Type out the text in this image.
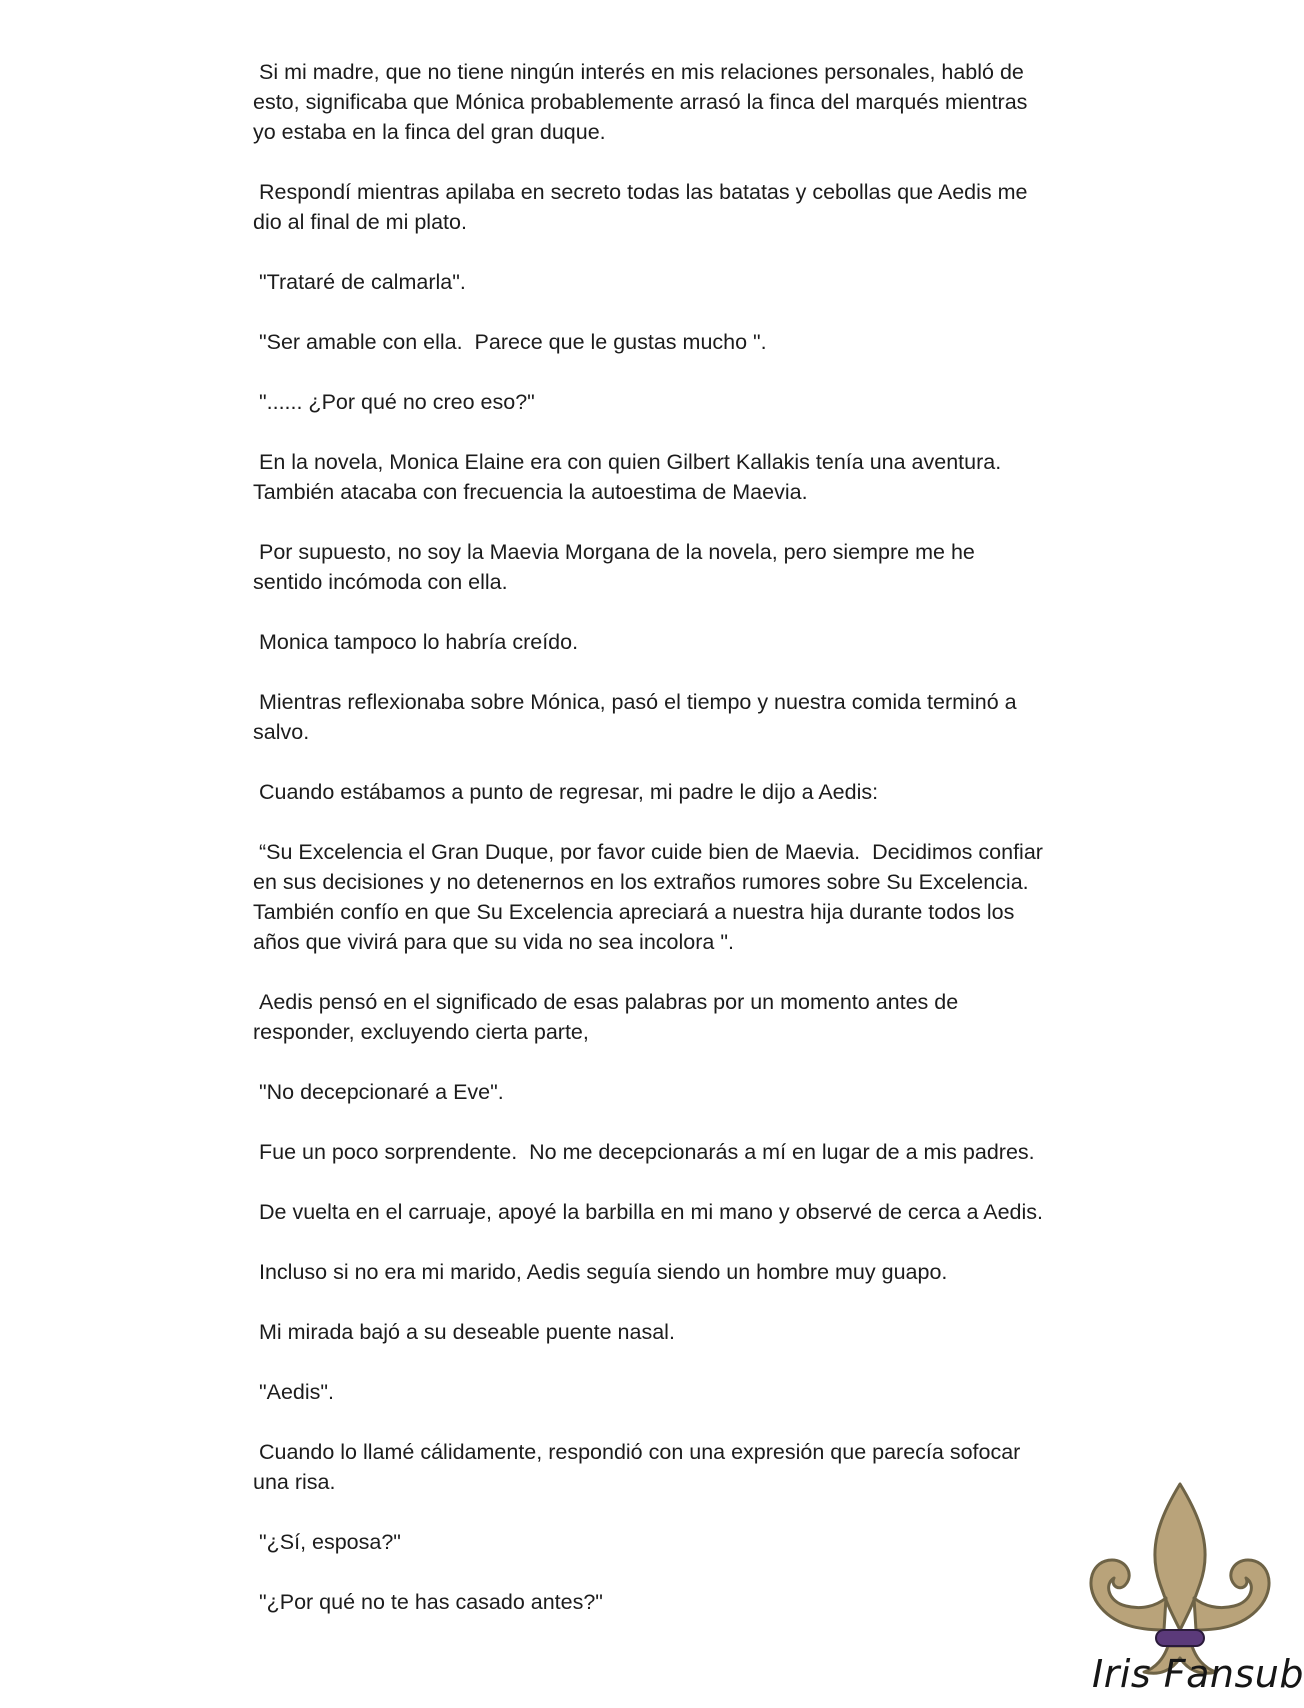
Si mi madre, que no tiene ningún interés en mis relaciones personales, habló de esto, significaba que Mónica probablemente arrasó la finca del marqués mientras yo estaba en la finca del gran duque.

Respondí mientras apilaba en secreto todas las batatas y cebollas que Aedis me dio al final de mi plato.

"Trataré de calmarla".

"Ser amable con ella.  Parece que le gustas mucho ".

"...... ¿Por qué no creo eso?"

En la novela, Monica Elaine era con quien Gilbert Kallakis tenía una aventura.  También atacaba con frecuencia la autoestima de Maevia.

Por supuesto, no soy la Maevia Morgana de la novela, pero siempre me he sentido incómoda con ella.

Monica tampoco lo habría creído.

Mientras reflexionaba sobre Mónica, pasó el tiempo y nuestra comida terminó a salvo.

Cuando estábamos a punto de regresar, mi padre le dijo a Aedis:

“Su Excelencia el Gran Duque, por favor cuide bien de Maevia.  Decidimos confiar en sus decisiones y no detenernos en los extraños rumores sobre Su Excelencia.  También confío en que Su Excelencia apreciará a nuestra hija durante todos los años que vivirá para que su vida no sea incolora ".

Aedis pensó en el significado de esas palabras por un momento antes de responder, excluyendo cierta parte,

"No decepcionaré a Eve".

Fue un poco sorprendente.  No me decepcionarás a mí en lugar de a mis padres.

De vuelta en el carruaje, apoyé la barbilla en mi mano y observé de cerca a Aedis.

Incluso si no era mi marido, Aedis seguía siendo un hombre muy guapo.

Mi mirada bajó a su deseable puente nasal.

"Aedis".

Cuando lo llamé cálidamente, respondió con una expresión que parecía sofocar una risa.

"¿Sí, esposa?"

"¿Por qué no te has casado antes?"

Iris Fansub
